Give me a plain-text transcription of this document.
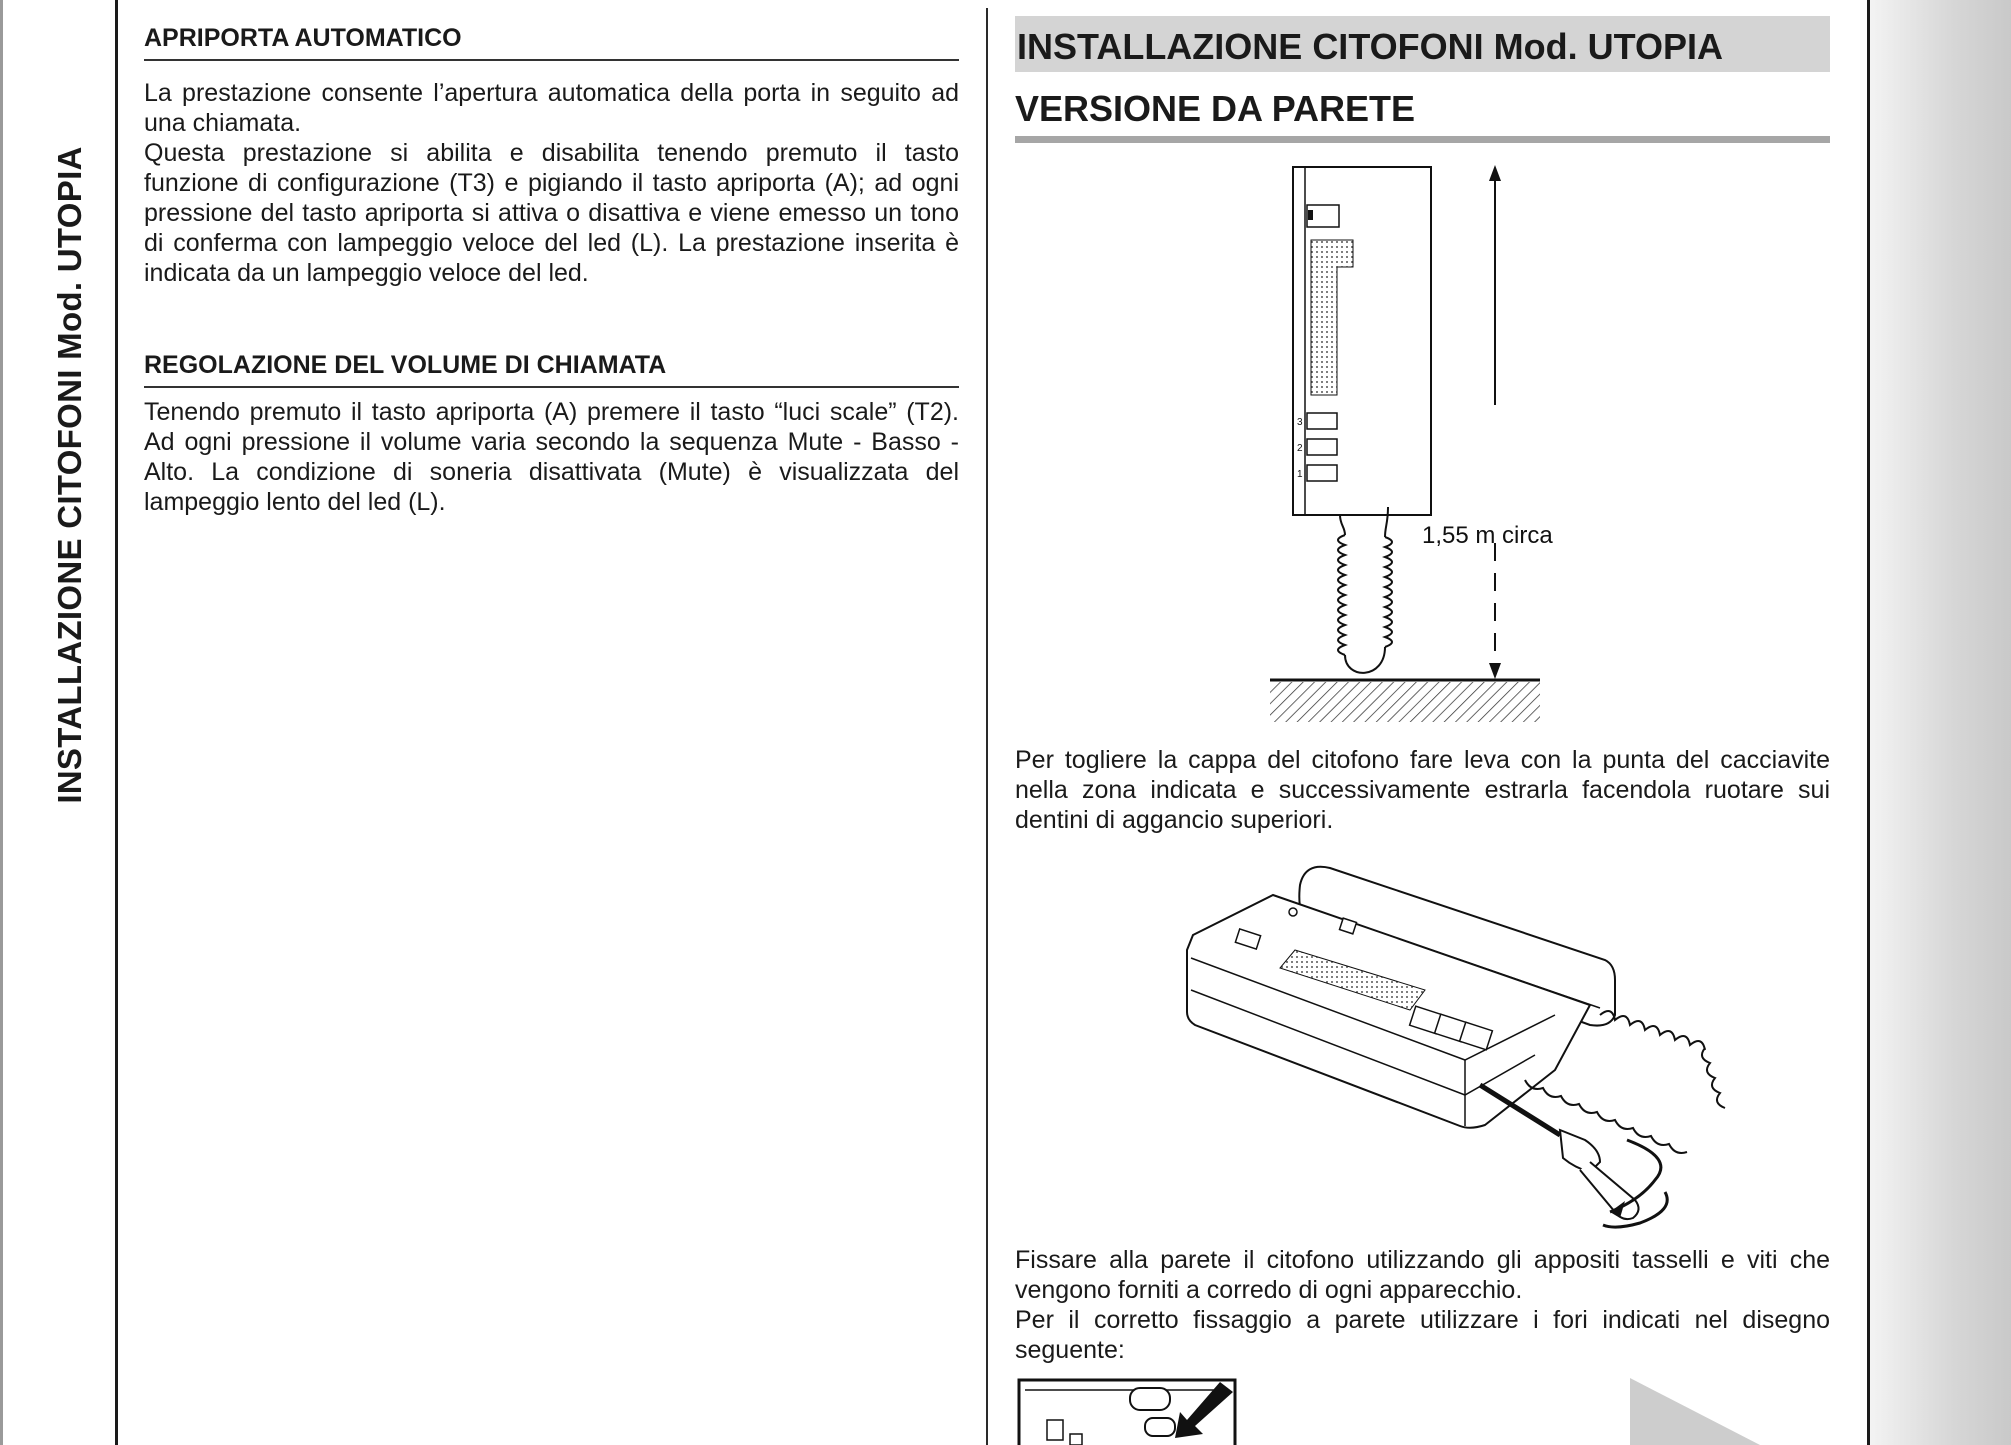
INSTALLAZIONE CITOFONI Mod. UTOPIA
APRIPORTA AUTOMATICO

La prestazione consente l’apertura automatica della porta in seguito ad una chiamata.

Questa prestazione si abilita e disabilita tenendo premuto il tasto funzione di configurazione (T3) e pigiando il tasto apriporta (A); ad ogni pressione del tasto apriporta si attiva o disattiva e viene emesso un tono di conferma con lampeggio veloce del led (L). La prestazione inserita è indicata da un lampeggio veloce del led.

REGOLAZIONE DEL VOLUME DI CHIAMATA

Tenendo premuto il tasto apriporta (A) premere il tasto “luci scale” (T2). Ad ogni pressione il volume varia secondo la sequenza Mute - Basso - Alto. La condizione di soneria disattivata (Mute) è visualizzata del lampeggio lento del led (L).

INSTALLAZIONE CITOFONI Mod. UTOPIA
VERSIONE DA PARETE
3
2
1
1,55 m circa

Per togliere la cappa del citofono fare leva con la punta del cacciavite nella zona indicata e successivamente estrarla facendola ruotare sui dentini di aggancio superiori.

Fissare alla parete il citofono utilizzando gli appositi tasselli e viti che vengono forniti a corredo di ogni apparecchio.

Per il corretto fissaggio a parete utilizzare i fori indicati nel disegno seguente:
